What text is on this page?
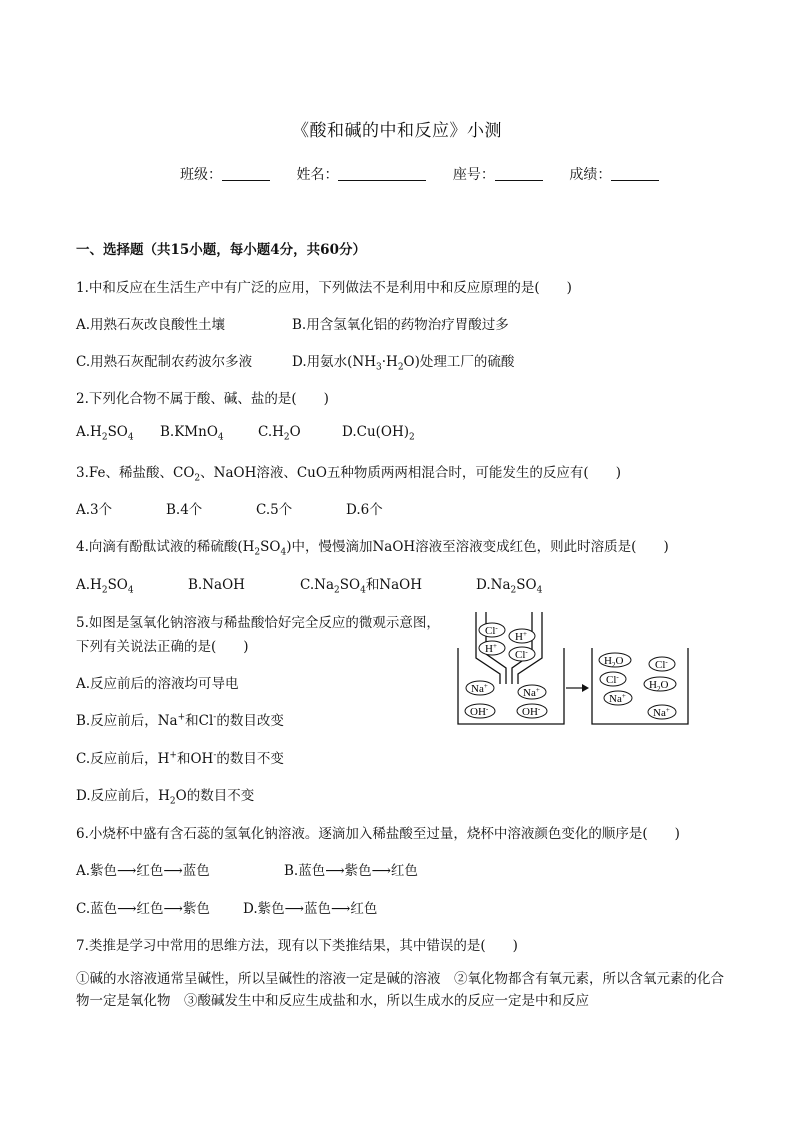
《酸和碱的中和反应》小测
班级：	姓名：	座号：	成绩：
一、选择题（共15小题，每小题4分，共60分）
1.中和反应在生活生产中有广泛的应用，下列做法不是利用中和反应原理的是(　　)
A.用熟石灰改良酸性土壤	B.用含氢氧化铝的药物治疗胃酸过多
C.用熟石灰配制农药波尔多液	D.用氨水$(NH_3\cdot H_2O)$处理工厂的硫酸
2.下列化合物不属于酸、碱、盐的是(　　)
$A.H_2SO_4$ B.KMnO$_4$	$C.H_2O$	$D.Cu(OH)_2$
3.Fe、稀盐酸、$CO_2$、NaOH溶液、CuO五种物质两两相混合时，可能发生的反应有(　　)
A.3个	B.4个	C.5个	D.6个
4.向滴有酚酞试液的稀硫酸$(H_2SO_4)$中，慢慢滴加NaOH溶液至溶液变成红色，则此时溶质是(　　)
$A.H_2SO_4$	B.NaOH	$C.Na_2SO_4$和NaOH	$D.Na_2SO_4$
5.如图是氢氧化钠溶液与稀盐酸恰好完全反应的微观示意图，
下列有关说法正确的是(　　)
A.反应前后的溶液均可导电
B.反应前后，Na+和Cl-的数目改变
C.反应前后，H+和OH-的数目不变
D.反应前后，$H_2O$的数目不变
Cl-
H+
H+
Cl-
Na+
Na+
OH-	OH-
$H_2O$	Cl-
Cl-
$H_2O$
Na+
Na+
6.小烧杯中盛有含石蕊的氢氧化钠溶液。逐滴加入稀盐酸至过量，烧杯中溶液颜色变化的顺序是(　　)
A.紫色⟶红色⟶蓝色	B.蓝色⟶紫色⟶红色
C.蓝色⟶红色⟶紫色 D.紫色⟶蓝色⟶红色
7.类推是学习中常用的思维方法，现有以下类推结果，其中错误的是(　　)
①碱的水溶液通常呈碱性，所以呈碱性的溶液一定是碱的溶液　②氧化物都含有氧元素，所以含氧元素的化合物一定是氧化物　③酸碱发生中和反应生成盐和水，所以生成水的反应一定是中和反应
